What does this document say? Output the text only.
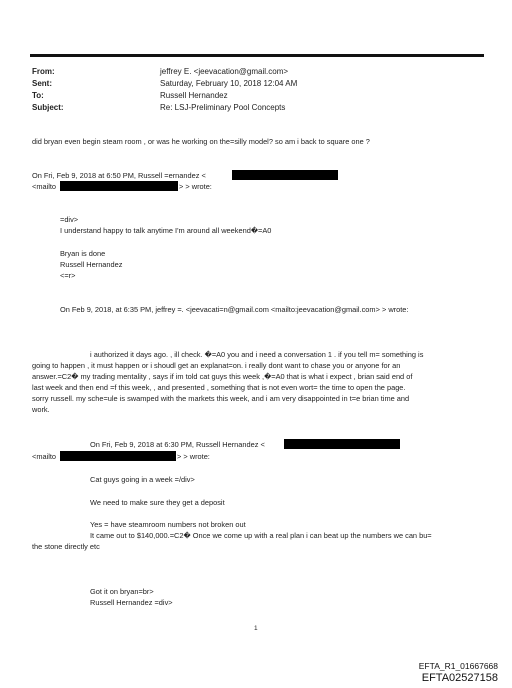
From:	jeffrey E. <jeevacation@gmail.com>
Sent:	Saturday, February 10, 2018 12:04 AM
To:	Russell Hernandez
Subject:	Re: LSJ-Preliminary Pool Concepts
did bryan even begin steam room , or was he working on the=silly model? so am i back to square one ?
On Fri, Feb 9, 2018 at 6:50 PM, Russell =ernandez <
<mailto	> > wrote:
=div>
I understand happy to talk anytime I'm around all weekend�=A0
Bryan is done
Russell Hernandez
<=r>
On Feb 9, 2018, at 6:35 PM, jeffrey =. <jeevacati=n@gmail.com <mailto:jeevacation@gmail.com> > wrote:
i authorized it days ago. , ill check. �=A0 you and i need a conversation 1 . if you tell m= something is
going to happen , it must happen or i shoudl get an explanat=on. i really dont want to chase you or anyone for an
answer.=C2� my trading mentality , says if im told cat guys this week ,�=A0 that is what i expect , brian said end of
last week and then end =f this week, , and presented , something that is not even wort= the time to open the page.
sorry russell. my sche=ule is swamped with the markets this week, and i am very disappointed in t=e brian time and
work.
On Fri, Feb 9, 2018 at 6:30 PM, Russell Hernandez <
<mailto	> > wrote:
Cat guys going in a week =/div>
We need to make sure they get a deposit
Yes = have steamroom numbers not broken out
It came out to $140,000.=C2� Once we come up with a real plan i can beat up the numbers we can bu=
the stone directly etc
Got it on bryan=br>
Russell Hernandez =div>
1
EFTA_R1_01667668
EFTA02527158
